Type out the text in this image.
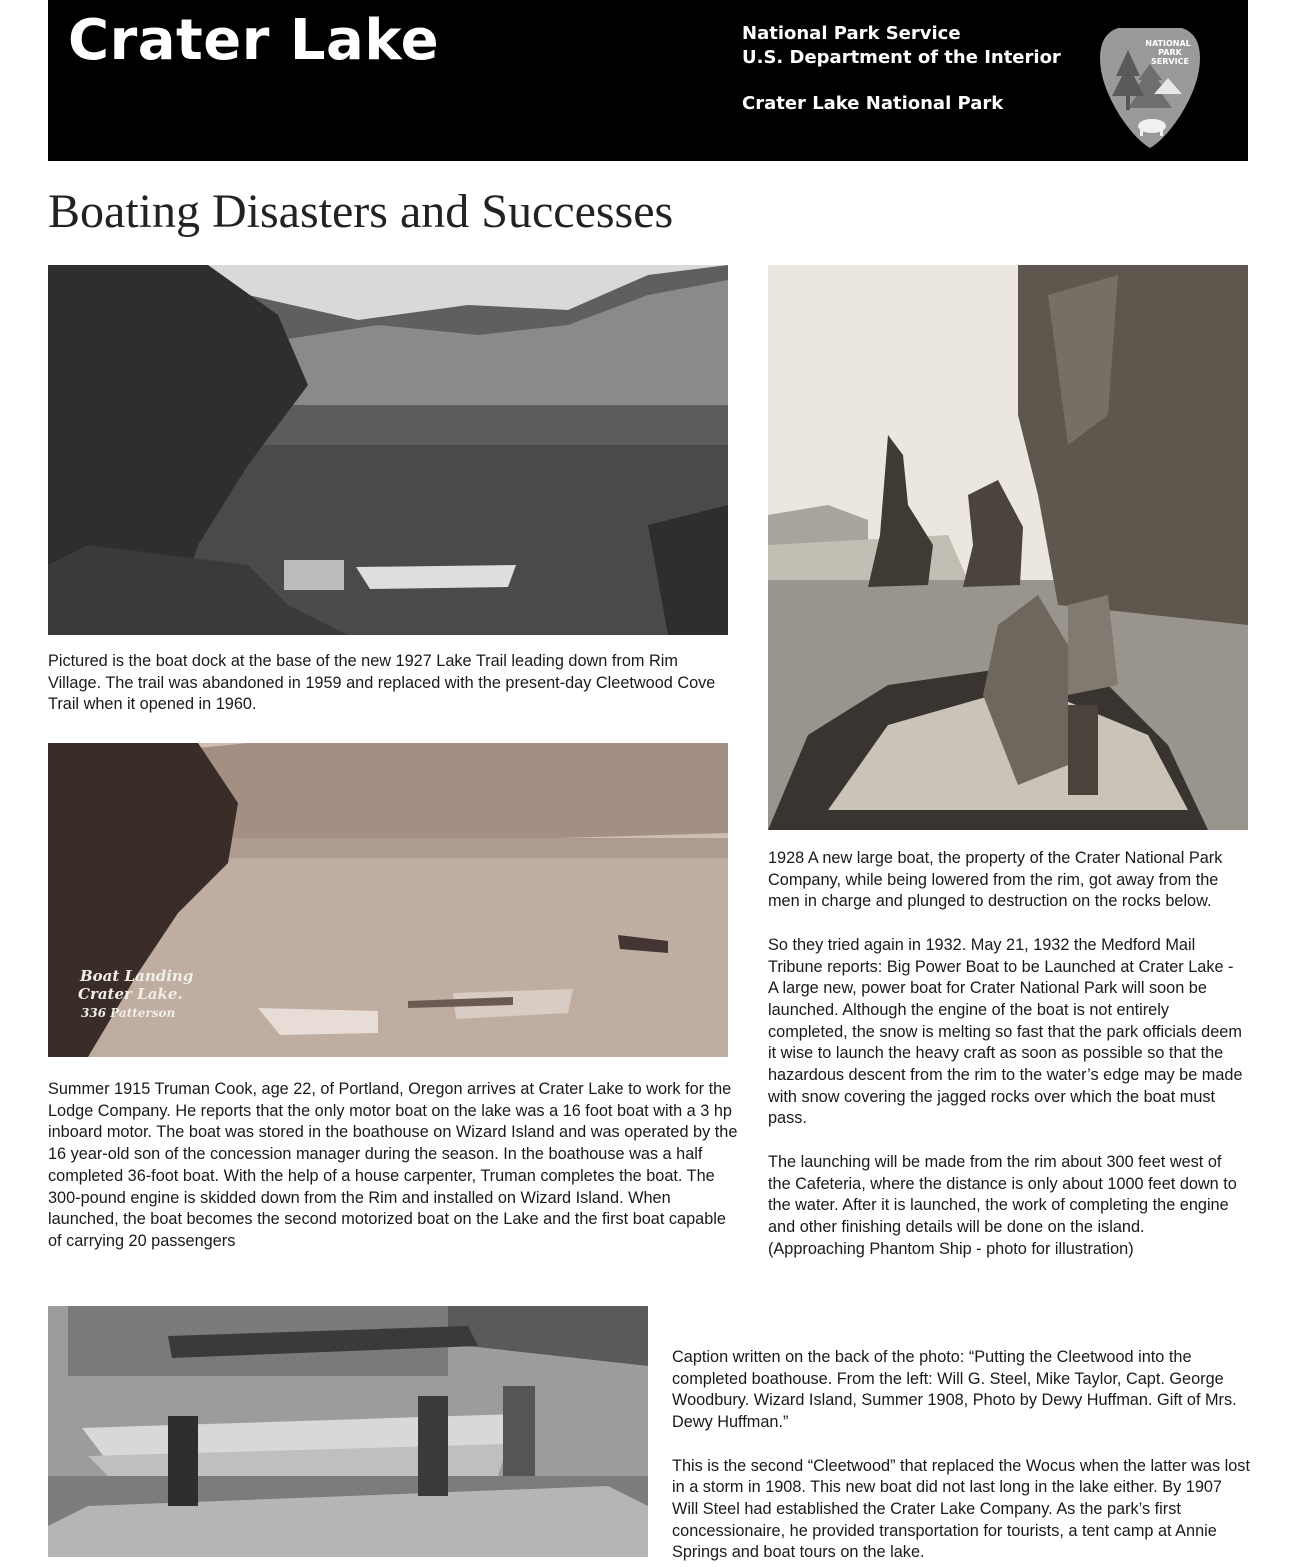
Crater Lake	National Park Service
U.S. Department of the Interior
Crater Lake National Park
NATIONAL
PARK
SERVICE
Boating Disasters and Successes

Pictured is the boat dock at the base of the new 1927 Lake Trail leading down from Rim Village. The trail was abandoned in 1959 and replaced with the present-day Cleetwood Cove Trail when it opened in 1960.

Boat Landing Crater Lake. 336 Patterson

Summer 1915 Truman Cook, age 22, of Portland, Oregon arrives at Crater Lake to work for the Lodge Company. He reports that the only motor boat on the lake was a 16 foot boat with a 3 hp inboard motor. The boat was stored in the boathouse on Wizard Island and was operated by the 16 year-old son of the concession manager during the season. In the boathouse was a half completed 36-foot boat. With the help of a house carpenter, Truman completes the boat. The 300-pound engine is skidded down from the Rim and installed on Wizard Island. When launched, the boat becomes the second motorized boat on the Lake and the first boat capable of carrying 20 passengers

1928 A new large boat, the property of the Crater National Park Company, while being lowered from the rim, got away from the men in charge and plunged to destruction on the rocks below.

So they tried again in 1932. May 21, 1932 the Medford Mail Tribune reports: Big Power Boat to be Launched at Crater Lake - A large new, power boat for Crater National Park will soon be launched. Although the engine of the boat is not entirely completed, the snow is melting so fast that the park officials deem it wise to launch the heavy craft as soon as possible so that the hazardous descent from the rim to the water’s edge may be made with snow covering the jagged rocks over which the boat must pass.

The launching will be made from the rim about 300 feet west of the Cafeteria, where the distance is only about 1000 feet down to the water. After it is launched, the work of completing the engine and other finishing details will be done on the island. (Approaching Phantom Ship - photo for illustration)

Caption written on the back of the photo: “Putting the Cleetwood into the completed boathouse. From the left: Will G. Steel, Mike Taylor, Capt. George Woodbury. Wizard Island, Summer 1908, Photo by Dewy Huffman. Gift of Mrs. Dewy Huffman.”

This is the second “Cleetwood” that replaced the Wocus when the latter was lost in a storm in 1908. This new boat did not last long in the lake either. By 1907 Will Steel had established the Crater Lake Company. As the park’s first concessionaire, he provided transportation for tourists, a tent camp at Annie Springs and boat tours on the lake.
